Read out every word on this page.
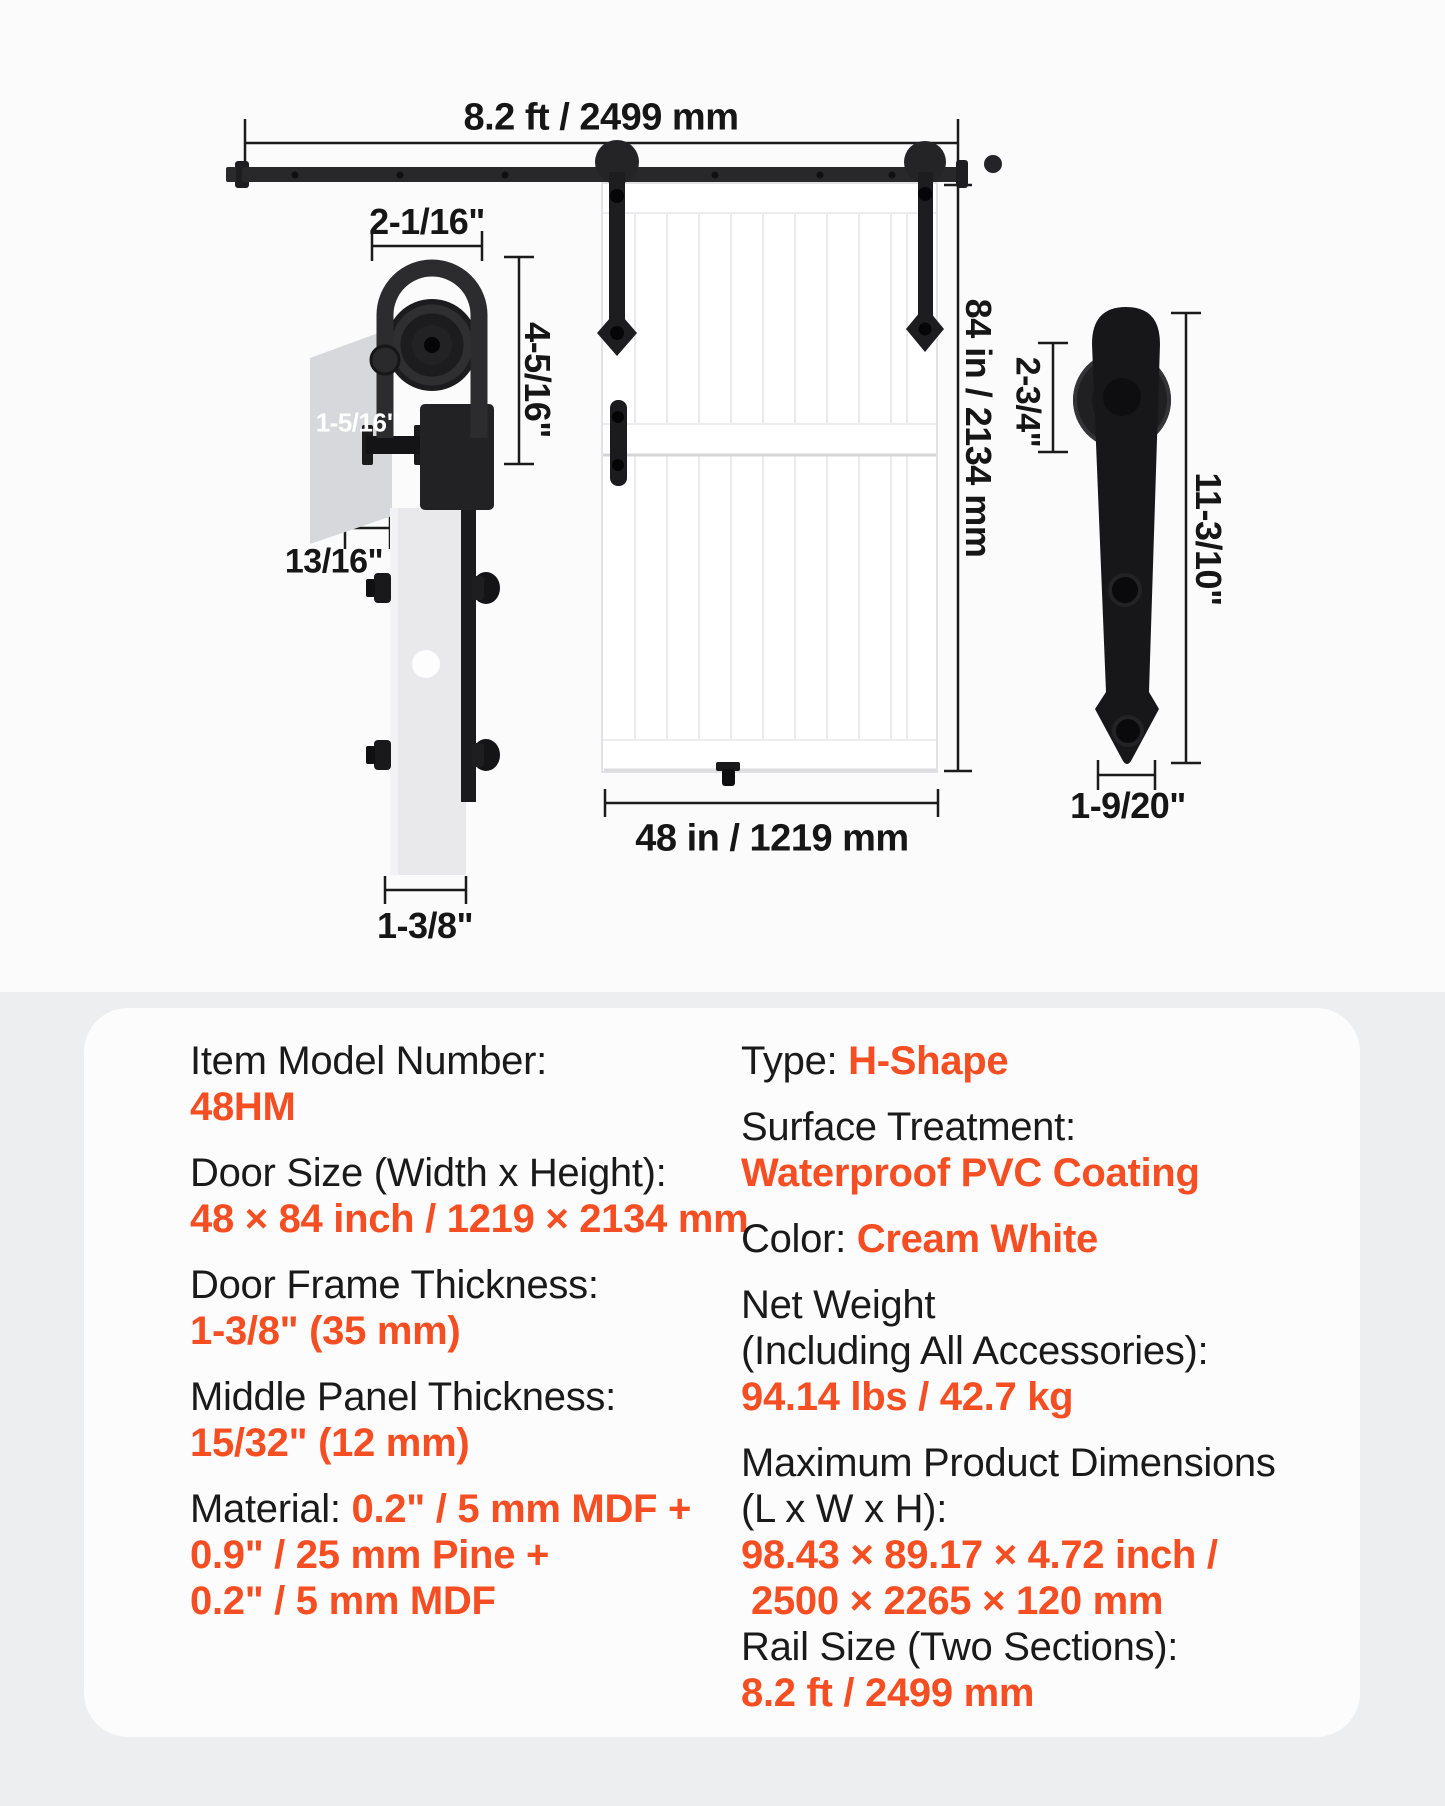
8.2 ft / 2499 mm
84 in / 2134 mm
48 in / 1219 mm
2-1/16"
4-5/16"
1-5/16"
13/16"
1-3/8"
2-3/4"
11-3/10"
1-9/20"
Item Model Number:
48HM
Door Size (Width x Height):
48 × 84 inch / 1219 × 2134 mm
Door Frame Thickness:
1-3/8" (35 mm)
Middle Panel Thickness:
15/32" (12 mm)
Material: 0.2" / 5 mm MDF +
0.9" / 25 mm Pine +
0.2" / 5 mm MDF
Type: H-Shape
Surface Treatment:
Waterproof PVC Coating
Color: Cream White
Net Weight
(Including All Accessories):
94.14 lbs / 42.7 kg
Maximum Product Dimensions
(L x W x H):
98.43 × 89.17 × 4.72 inch /
2500 × 2265 × 120 mm
Rail Size (Two Sections):
8.2 ft / 2499 mm
